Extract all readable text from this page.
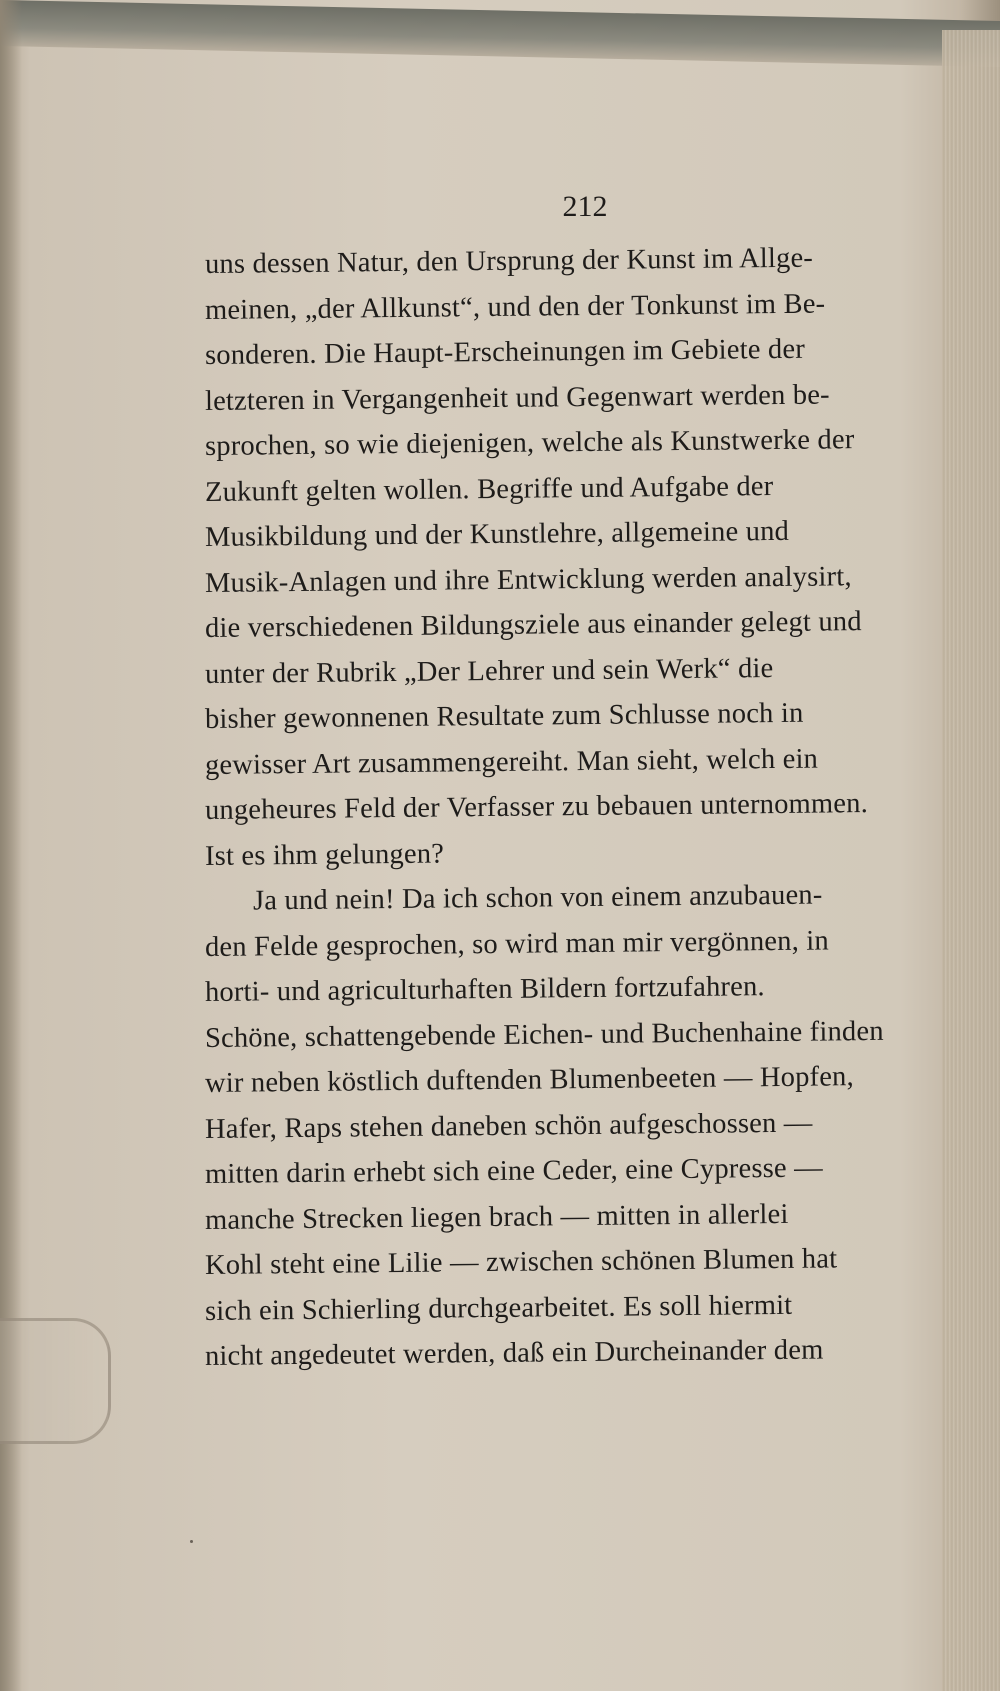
212
uns dessen Natur, den Ursprung der Kunst im Allge-
meinen, „der Allkunst“, und den der Tonkunst im Be-
sonderen. Die Haupt-Erscheinungen im Gebiete der
letzteren in Vergangenheit und Gegenwart werden be-
sprochen, so wie diejenigen, welche als Kunstwerke der
Zukunft gelten wollen. Begriffe und Aufgabe der
Musikbildung und der Kunstlehre, allgemeine und
Musik-Anlagen und ihre Entwicklung werden analysirt,
die verschiedenen Bildungsziele aus einander gelegt und
unter der Rubrik „Der Lehrer und sein Werk“ die
bisher gewonnenen Resultate zum Schlusse noch in
gewisser Art zusammengereiht. Man sieht, welch ein
ungeheures Feld der Verfasser zu bebauen unternommen.
Ist es ihm gelungen?
Ja und nein! Da ich schon von einem anzubauen-
den Felde gesprochen, so wird man mir vergönnen, in
horti- und agriculturhaften Bildern fortzufahren.
Schöne, schattengebende Eichen- und Buchenhaine finden
wir neben köstlich duftenden Blumenbeeten — Hopfen,
Hafer, Raps stehen daneben schön aufgeschossen —
mitten darin erhebt sich eine Ceder, eine Cypresse —
manche Strecken liegen brach — mitten in allerlei
Kohl steht eine Lilie — zwischen schönen Blumen hat
sich ein Schierling durchgearbeitet. Es soll hiermit
nicht angedeutet werden, daß ein Durcheinander dem
